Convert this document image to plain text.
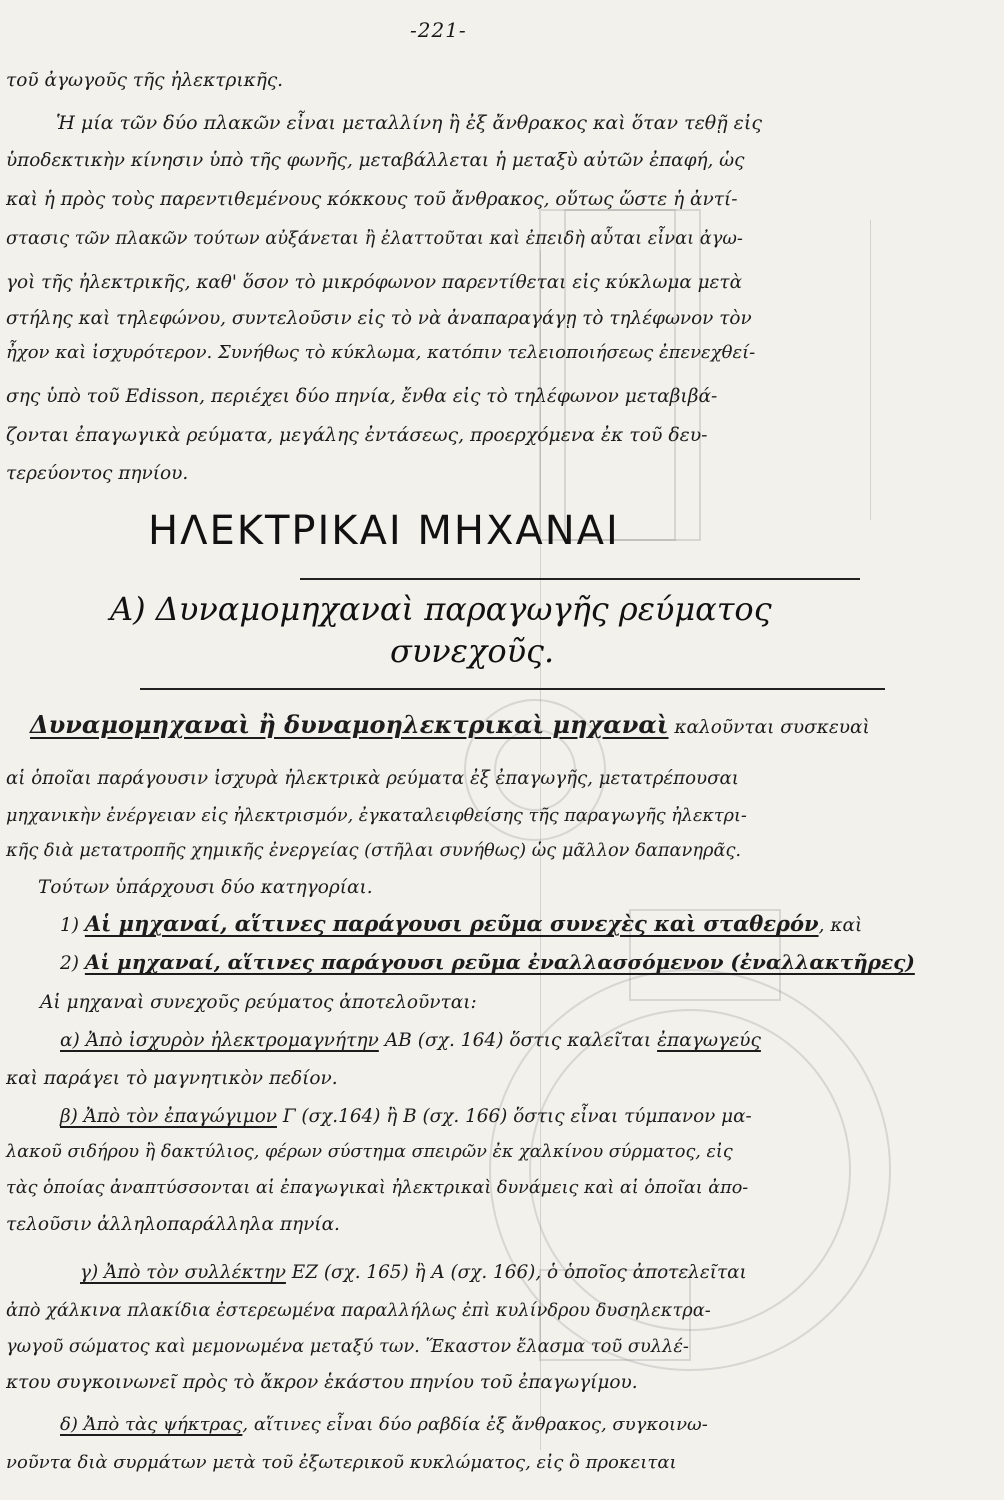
-221-
τοῦ ἀγωγοῦς τῆς ἠλεκτρικῆς.
Ἡ μία τῶν δύο πλακῶν εἶναι μεταλλίνη ἢ ἐξ ἄνθρακος καὶ ὅταν τεθῇ εἰς
ὑποδεκτικὴν κίνησιν ὑπὸ τῆς φωνῆς, μεταβάλλεται ἡ μεταξὺ αὐτῶν ἐπαφή, ὡς
καὶ ἡ πρὸς τοὺς παρεντιθεμένους κόκκους τοῦ ἄνθρακος, οὕτως ὥστε ἡ ἀντί-
στασις τῶν πλακῶν τούτων αὐξάνεται ἢ ἐλαττοῦται καὶ ἐπειδὴ αὗται εἶναι ἀγω-
γοὶ τῆς ἠλεκτρικῆς, καθ' ὅσον τὸ μικρόφωνον παρεντίθεται εἰς κύκλωμα μετὰ
στήλης καὶ τηλεφώνου, συντελοῦσιν εἰς τὸ νὰ ἀναπαραγάγῃ τὸ τηλέφωνον τὸν
ἦχον καὶ ἰσχυρότερον. Συνήθως τὸ κύκλωμα, κατόπιν τελειοποιήσεως ἐπενεχθεί-
σης ὑπὸ τοῦ Edisson, περιέχει δύο πηνία, ἔνθα εἰς τὸ τηλέφωνον μεταβιβά-
ζονται ἐπαγωγικὰ ρεύματα, μεγάλης ἐντάσεως, προερχόμενα ἐκ τοῦ δευ-
τερεύοντος πηνίου.
ΗΛΕΚΤΡΙΚΑΙ ΜΗΧΑΝΑΙ
Α) Δυναμομηχαναὶ παραγωγῆς ρεύματος
συνεχοῦς.
Δυναμομηχαναὶ ἢ δυναμοηλεκτρικαὶ μηχαναὶ καλοῦνται συσκευαὶ
αἱ ὁποῖαι παράγουσιν ἰσχυρὰ ἠλεκτρικὰ ρεύματα ἐξ ἐπαγωγῆς, μετατρέπουσαι
μηχανικὴν ἐνέργειαν εἰς ἠλεκτρισμόν, ἐγκαταλειφθείσης τῆς παραγωγῆς ἠλεκτρι-
κῆς διὰ μετατροπῆς χημικῆς ἐνεργείας (στῆλαι συνήθως) ὡς μᾶλλον δαπανηρᾶς.
Τούτων ὑπάρχουσι δύο κατηγορίαι.
1) Αἱ μηχαναί, αἵτινες παράγουσι ρεῦμα συνεχὲς καὶ σταθερόν, καὶ
2) Αἱ μηχαναί, αἵτινες παράγουσι ρεῦμα ἐναλλασσόμενον (ἐναλλακτῆρες)
Αἱ μηχαναὶ συνεχοῦς ρεύματος ἀποτελοῦνται:
α) Ἀπὸ ἰσχυρὸν ἠλεκτρομαγνήτην ΑΒ (σχ. 164) ὅστις καλεῖται ἐπαγωγεύς
καὶ παράγει τὸ μαγνητικὸν πεδίον.
β) Ἀπὸ τὸν ἐπαγώγιμον Γ (σχ.164) ἢ Β (σχ. 166) ὅστις εἶναι τύμπανον μα-
λακοῦ σιδήρου ἢ δακτύλιος, φέρων σύστημα σπειρῶν ἐκ χαλκίνου σύρματος, εἰς
τὰς ὁποίας ἀναπτύσσονται αἱ ἐπαγωγικαὶ ἠλεκτρικαὶ δυνάμεις καὶ αἱ ὁποῖαι ἀπο-
τελοῦσιν ἀλληλοπαράλληλα πηνία.
γ) Ἀπὸ τὸν συλλέκτην ΕΖ (σχ. 165) ἢ Α (σχ. 166), ὁ ὁποῖος ἀποτελεῖται
ἀπὸ χάλκινα πλακίδια ἐστερεωμένα παραλλήλως ἐπὶ κυλίνδρου δυσηλεκτρα-
γωγοῦ σώματος καὶ μεμονωμένα μεταξύ των. Ἕκαστον ἔλασμα τοῦ συλλέ-
κτου συγκοινωνεῖ πρὸς τὸ ἄκρον ἑκάστου πηνίου τοῦ ἐπαγωγίμου.
δ) Ἀπὸ τὰς ψήκτρας, αἵτινες εἶναι δύο ραβδία ἐξ ἄνθρακος, συγκοινω-
νοῦντα διὰ συρμάτων μετὰ τοῦ ἐξωτερικοῦ κυκλώματος, εἰς ὃ προκειται
